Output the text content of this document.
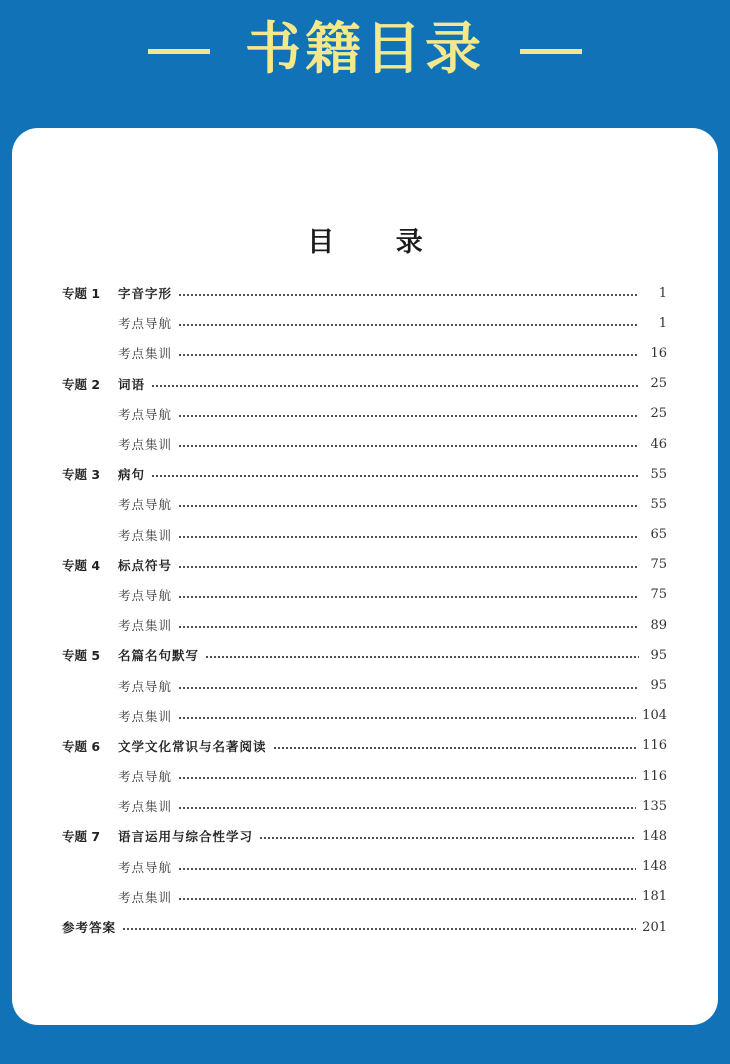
书籍目录
目 录
专题 1	字音字形	1
考点导航	1
考点集训	16
专题 2	词语	25
考点导航	25
考点集训	46
专题 3	病句	55
考点导航	55
考点集训	65
专题 4	标点符号	75
考点导航	75
考点集训	89
专题 5	名篇名句默写	95
考点导航	95
考点集训	104
专题 6	文学文化常识与名著阅读	116
考点导航	116
考点集训	135
专题 7	语言运用与综合性学习	148
考点导航	148
考点集训	181
参考答案	201
